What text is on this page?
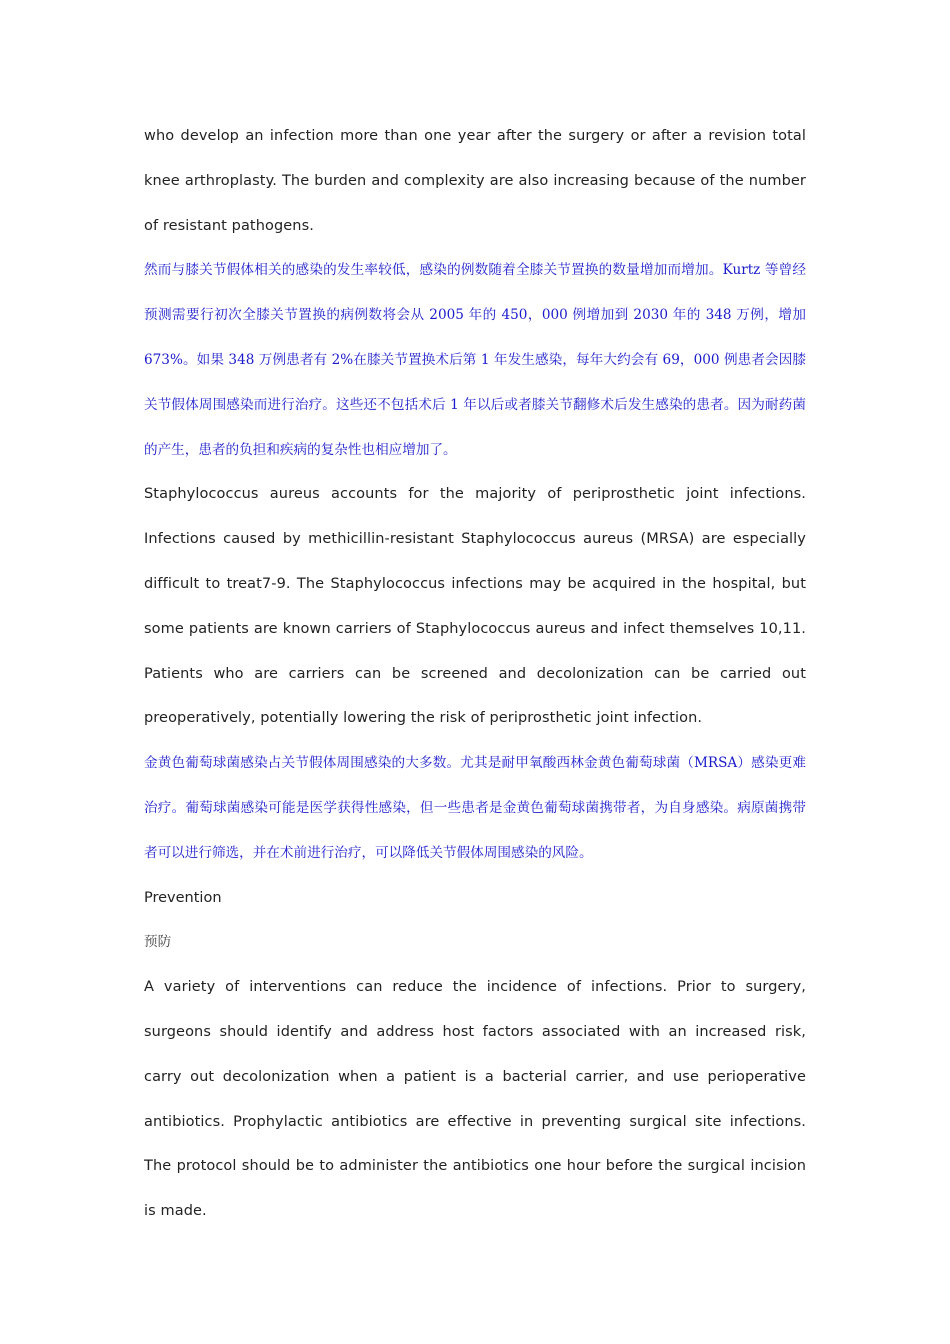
who develop an infection more than one year after the surgery or after a revision total knee arthroplasty. The burden and complexity are also increasing because of the number of resistant pathogens.

然而与膝关节假体相关的感染的发生率较低，感染的例数随着全膝关节置换的数量增加而增加。Kurtz 等曾经预测需要行初次全膝关节置换的病例数将会从 2005 年的 450，000 例增加到 2030 年的 348 万例，增加 673%。如果 348 万例患者有 2%在膝关节置换术后第 1 年发生感染，每年大约会有 69，000 例患者会因膝关节假体周围感染而进行治疗。这些还不包括术后 1 年以后或者膝关节翻修术后发生感染的患者。因为耐药菌的产生，患者的负担和疾病的复杂性也相应增加了。

Staphylococcus aureus accounts for the majority of periprosthetic joint infections. Infections caused by methicillin-resistant Staphylococcus aureus (MRSA) are especially difficult to treat7-9. The Staphylococcus infections may be acquired in the hospital, but some patients are known carriers of Staphylococcus aureus and infect themselves 10,11. Patients who are carriers can be screened and decolonization can be carried out preoperatively, potentially lowering the risk of periprosthetic joint infection.

金黄色葡萄球菌感染占关节假体周围感染的大多数。尤其是耐甲氧酸西林金黄色葡萄球菌（MRSA）感染更难治疗。葡萄球菌感染可能是医学获得性感染，但一些患者是金黄色葡萄球菌携带者，为自身感染。病原菌携带者可以进行筛选，并在术前进行治疗，可以降低关节假体周围感染的风险。

Prevention

预防

A variety of interventions can reduce the incidence of infections. Prior to surgery, surgeons should identify and address host factors associated with an increased risk, carry out decolonization when a patient is a bacterial carrier, and use perioperative antibiotics. Prophylactic antibiotics are effective in preventing surgical site infections. The protocol should be to administer the antibiotics one hour before the surgical incision is made.
